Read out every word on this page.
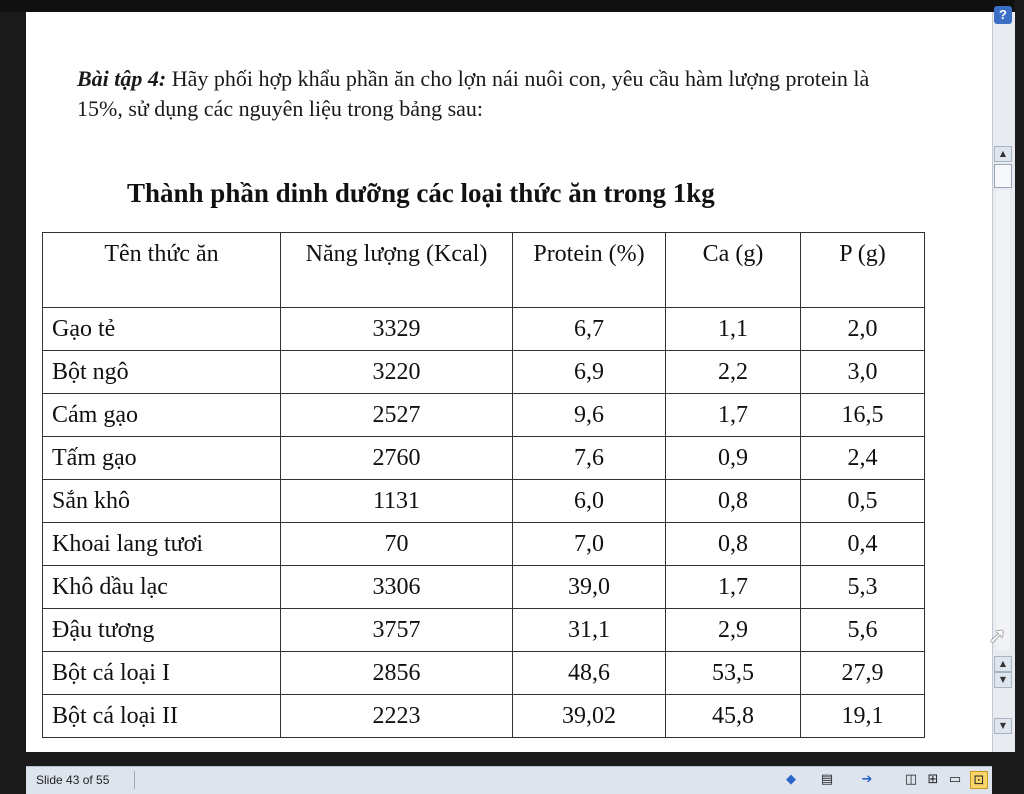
Bài tập 4: Hãy phối hợp khẩu phần ăn cho lợn nái nuôi con, yêu cầu hàm lượng protein là 15%, sử dụng các nguyên liệu trong bảng sau:
Thành phần dinh dưỡng các loại thức ăn trong 1kg
Tên thức ăn	Năng lượng (Kcal)	Protein (%)	Ca (g)	P (g)
Gạo tẻ	3329	6,7	1,1	2,0
Bột ngô	3220	6,9	2,2	3,0
Cám gạo	2527	9,6	1,7	16,5
Tấm gạo	2760	7,6	0,9	2,4
Sắn khô	1131	6,0	0,8	0,5
Khoai lang tươi	70	7,0	0,8	0,4
Khô dầu lạc	3306	39,0	1,7	5,3
Đậu tương	3757	31,1	2,9	5,6
Bột cá loại I	2856	48,6	53,5	27,9
Bột cá loại II	2223	39,02	45,8	19,1
?
▲
▲
▼
▼
➚
Slide 43 of 55	◆	▤ ➔ ◫ ⊞ ▭ ⊡
